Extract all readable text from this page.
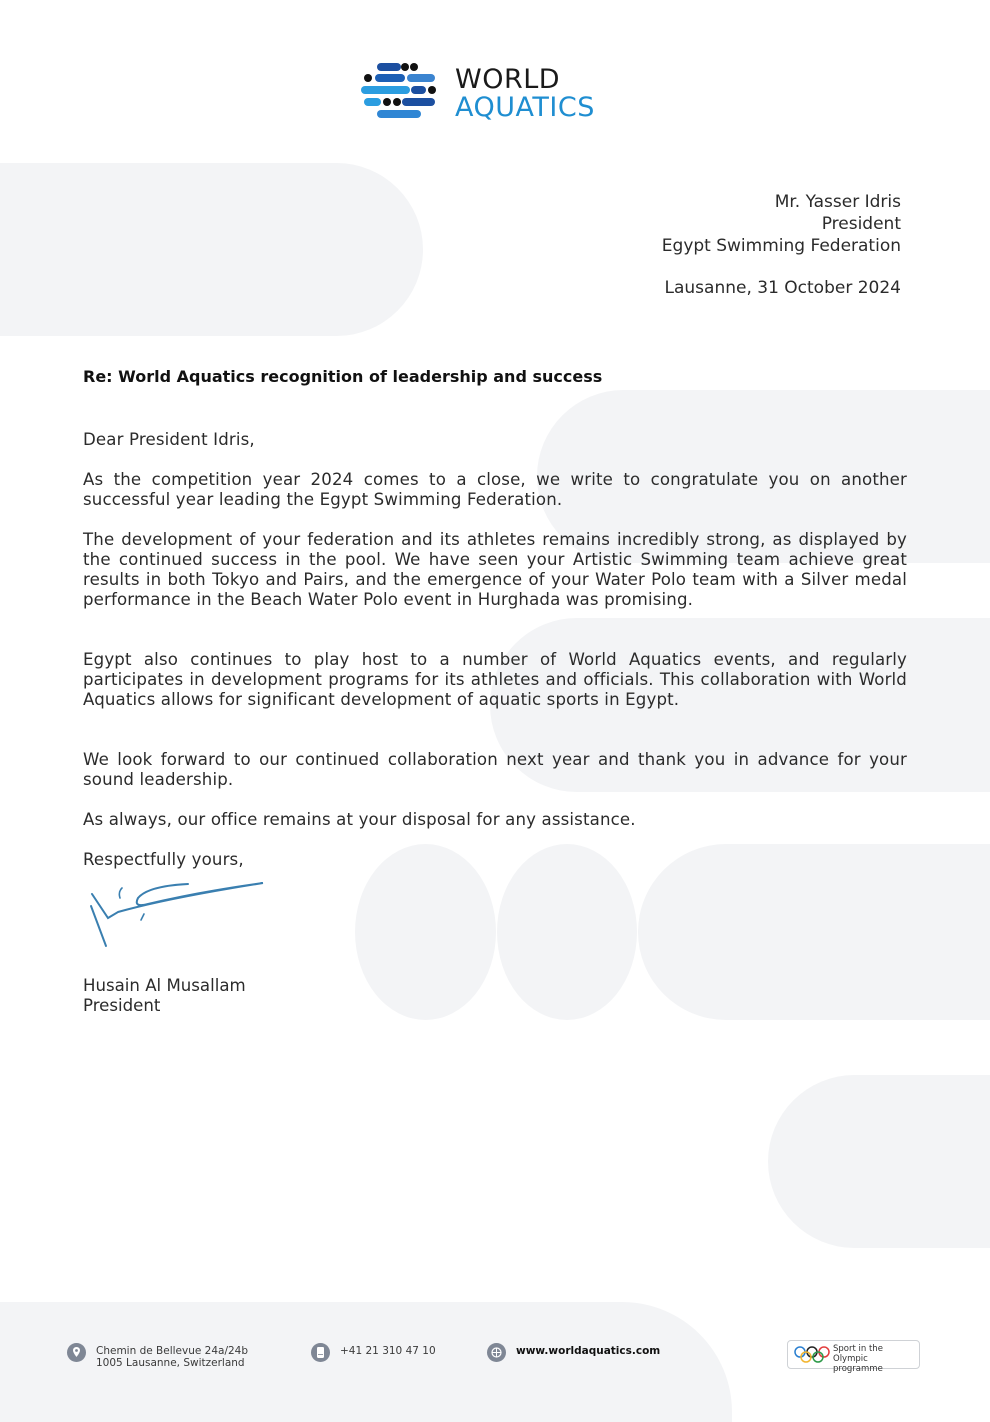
WORLD
AQUATICS
Mr. Yasser Idris
President
Egypt Swimming Federation
Lausanne, 31 October 2024
Re: World Aquatics recognition of leadership and success
Dear President Idris,
As the competition year 2024 comes to a close, we write to congratulate you on another successful year leading the Egypt Swimming Federation.
The development of your federation and its athletes remains incredibly strong, as displayed by the continued success in the pool. We have seen your Artistic Swimming team achieve great results in both Tokyo and Pairs, and the emergence of your Water Polo team with a Silver medal performance in the Beach Water Polo event in Hurghada was promising.
Egypt also continues to play host to a number of World Aquatics events, and regularly participates in development programs for its athletes and officials. This collaboration with World Aquatics allows for significant development of aquatic sports in Egypt.
We look forward to our continued collaboration next year and thank you in advance for your sound leadership.
As always, our office remains at your disposal for any assistance.
Respectfully yours,
Husain Al Musallam
President
Chemin de Bellevue 24a/24b
1005 Lausanne, Switzerland
+41 21 310 47 10	www.worldaquatics.com	Sport in the
Olympic programme
